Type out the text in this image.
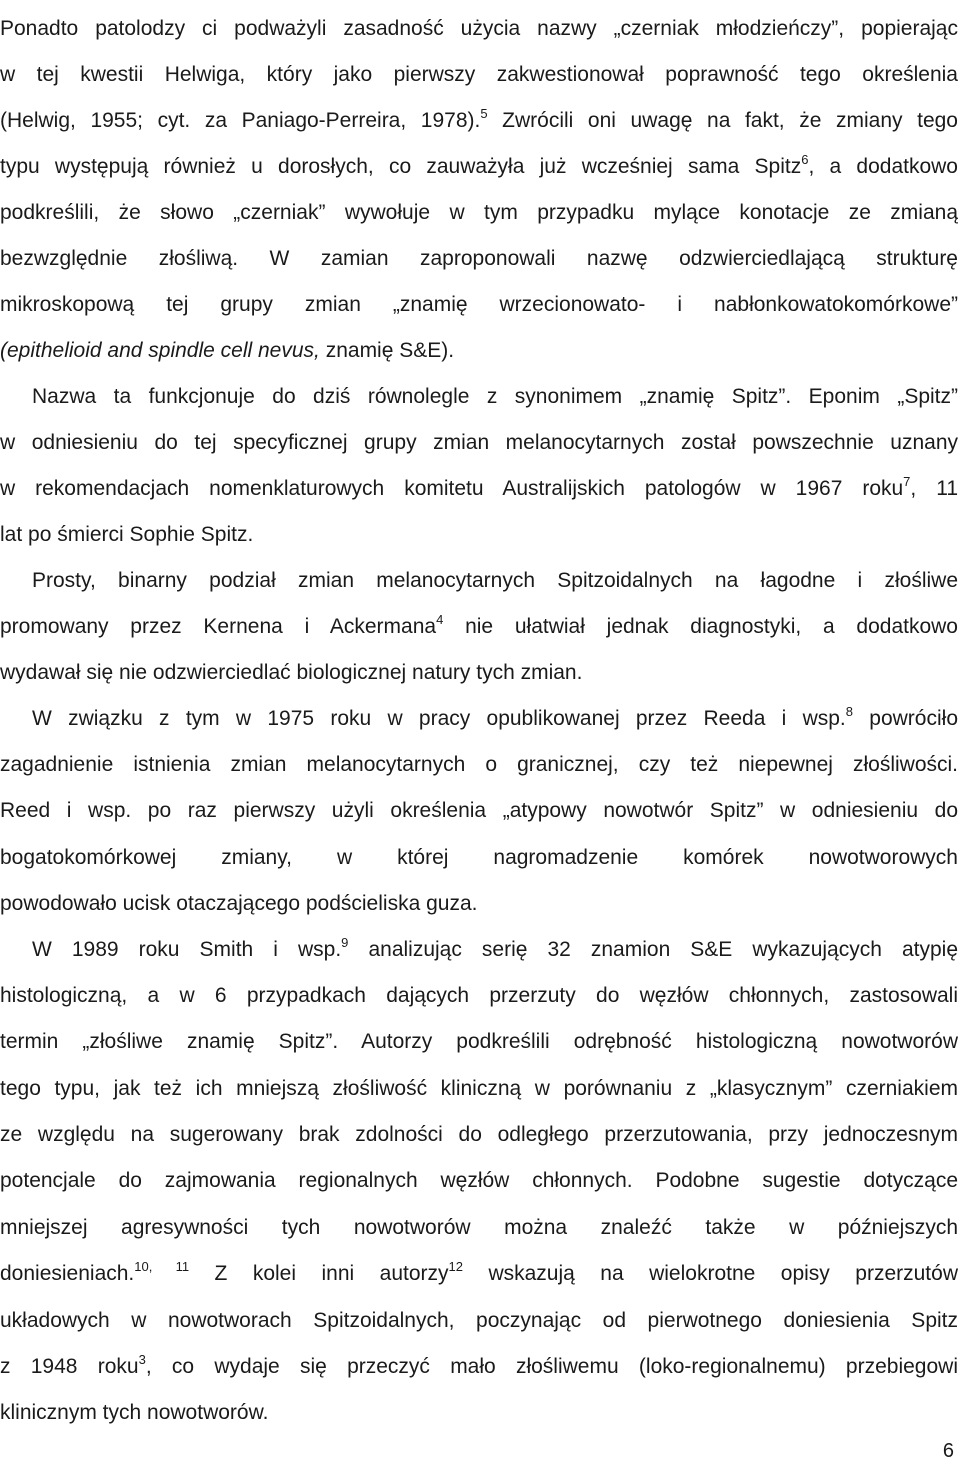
Ponadto patolodzy ci podważyli zasadność użycia nazwy „czerniak młodzieńczy”, popierając
w tej kwestii Helwiga, który jako pierwszy zakwestionował poprawność tego określenia
(Helwig, 1955; cyt. za Paniago-Perreira, 1978).$^5$ Zwrócili oni uwagę na fakt, że zmiany tego
typu występują również u dorosłych, co zauważyła już wcześniej sama Spitz$^6$, a dodatkowo
podkreślili, że słowo „czerniak” wywołuje w tym przypadku mylące konotacje ze zmianą
bezwzględnie złośliwą. W zamian zaproponowali nazwę odzwierciedlającą strukturę
mikroskopową tej grupy zmian „znamię wrzecionowato- i nabłonkowatokomórkowe”
(epithelioid and spindle cell nevus, znamię S&E).
Nazwa ta funkcjonuje do dziś równolegle z synonimem „znamię Spitz”. Eponim „Spitz”
w odniesieniu do tej specyficznej grupy zmian melanocytarnych został powszechnie uznany
w rekomendacjach nomenklaturowych komitetu Australijskich patologów w 1967 roku$^7$, 11
lat po śmierci Sophie Spitz.
Prosty, binarny podział zmian melanocytarnych Spitzoidalnych na łagodne i złośliwe
promowany przez Kernena i Ackermana$^4$ nie ułatwiał jednak diagnostyki, a dodatkowo
wydawał się nie odzwierciedlać biologicznej natury tych zmian.
W związku z tym w 1975 roku w pracy opublikowanej przez Reeda i wsp.$^8$ powróciło
zagadnienie istnienia zmian melanocytarnych o granicznej, czy też niepewnej złośliwości.
Reed i wsp. po raz pierwszy użyli określenia „atypowy nowotwór Spitz” w odniesieniu do
bogatokomórkowej zmiany, w której nagromadzenie komórek nowotworowych
powodowało ucisk otaczającego podścieliska guza.
W 1989 roku Smith i wsp.$^9$ analizując serię 32 znamion S&E wykazujących atypię
histologiczną, a w 6 przypadkach dających przerzuty do węzłów chłonnych, zastosowali
termin „złośliwe znamię Spitz”. Autorzy podkreślili odrębność histologiczną nowotworów
tego typu, jak też ich mniejszą złośliwość kliniczną w porównaniu z „klasycznym” czerniakiem
ze względu na sugerowany brak zdolności do odległego przerzutowania, przy jednoczesnym
potencjale do zajmowania regionalnych węzłów chłonnych. Podobne sugestie dotyczące
mniejszej agresywności tych nowotworów można znaleźć także w późniejszych
doniesieniach.$^{10, 11}$ Z kolei inni autorzy$^{12}$ wskazują na wielokrotne opisy przerzutów
układowych w nowotworach Spitzoidalnych, poczynając od pierwotnego doniesienia Spitz
z 1948 roku$^3$, co wydaje się przeczyć mało złośliwemu (loko-regionalnemu) przebiegowi
klinicznym tych nowotworów.
6
